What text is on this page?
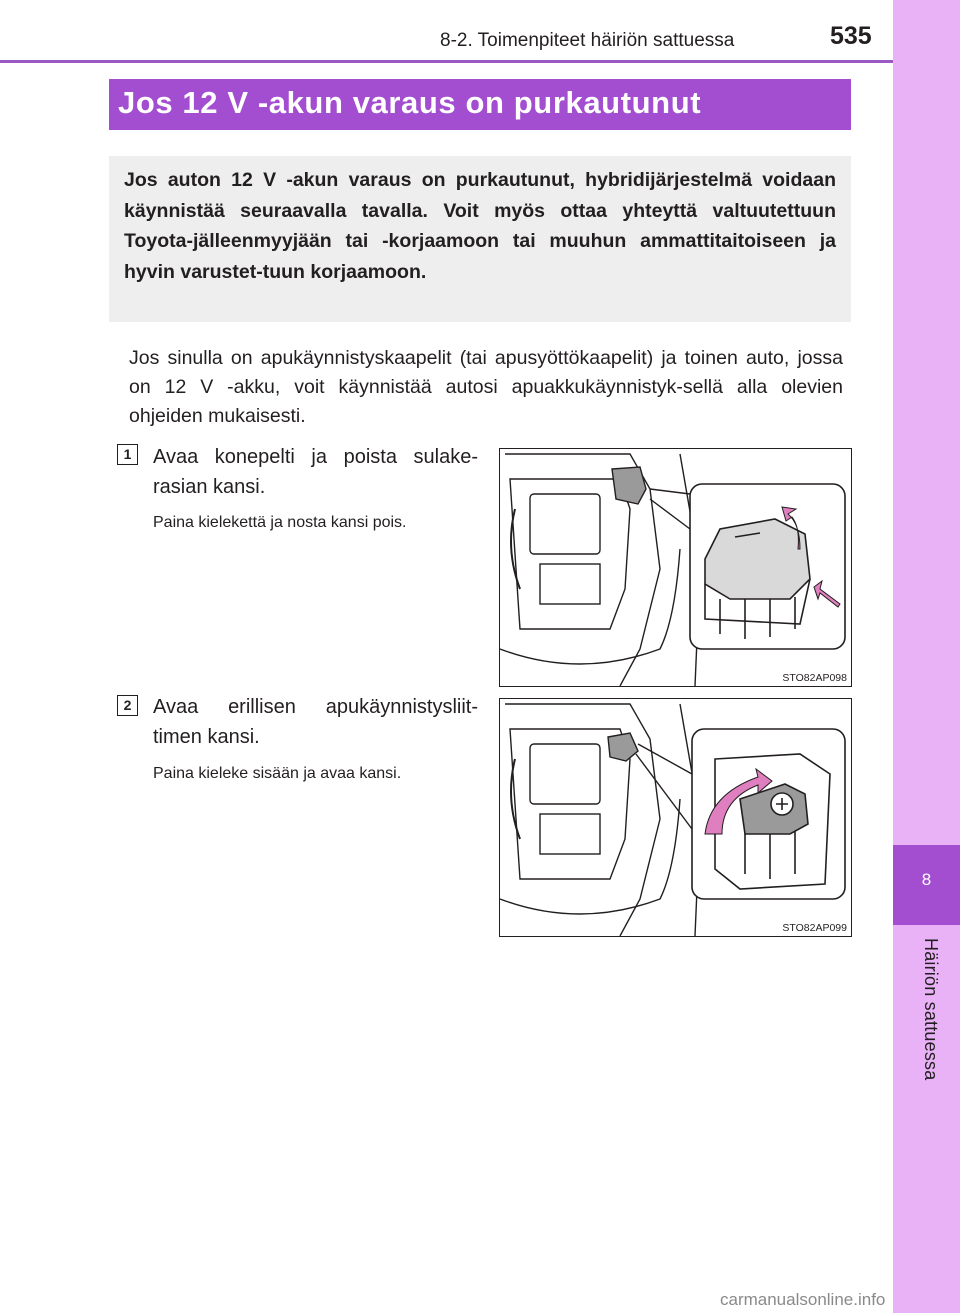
8-2. Toimenpiteet häiriön sattuessa	535
8
Häiriön sattuessa
Jos 12 V -akun varaus on purkautunut

Jos auton 12 V -akun varaus on purkautunut, hybridijärjestelmä voidaan käynnistää seuraavalla tavalla. Voit myös ottaa yhteyttä valtuutettuun Toyota-jälleenmyyjään tai -korjaamoon tai muuhun ammattitaitoiseen ja hyvin varustet-tuun korjaamoon.

Jos sinulla on apukäynnistyskaapelit (tai apusyöttökaapelit) ja toinen auto, jossa on 12 V -akku, voit käynnistää autosi apuakkukäynnistyk-sellä alla olevien ohjeiden mukaisesti.

1	Avaa konepelti ja poista sulake-rasian kansi.

Paina kielekettä ja nosta kansi pois.

STO82AP098
2	Avaa erillisen apukäynnistysliit-timen kansi.

Paina kieleke sisään ja avaa kansi.

STO82AP099
carmanualsonline.info
